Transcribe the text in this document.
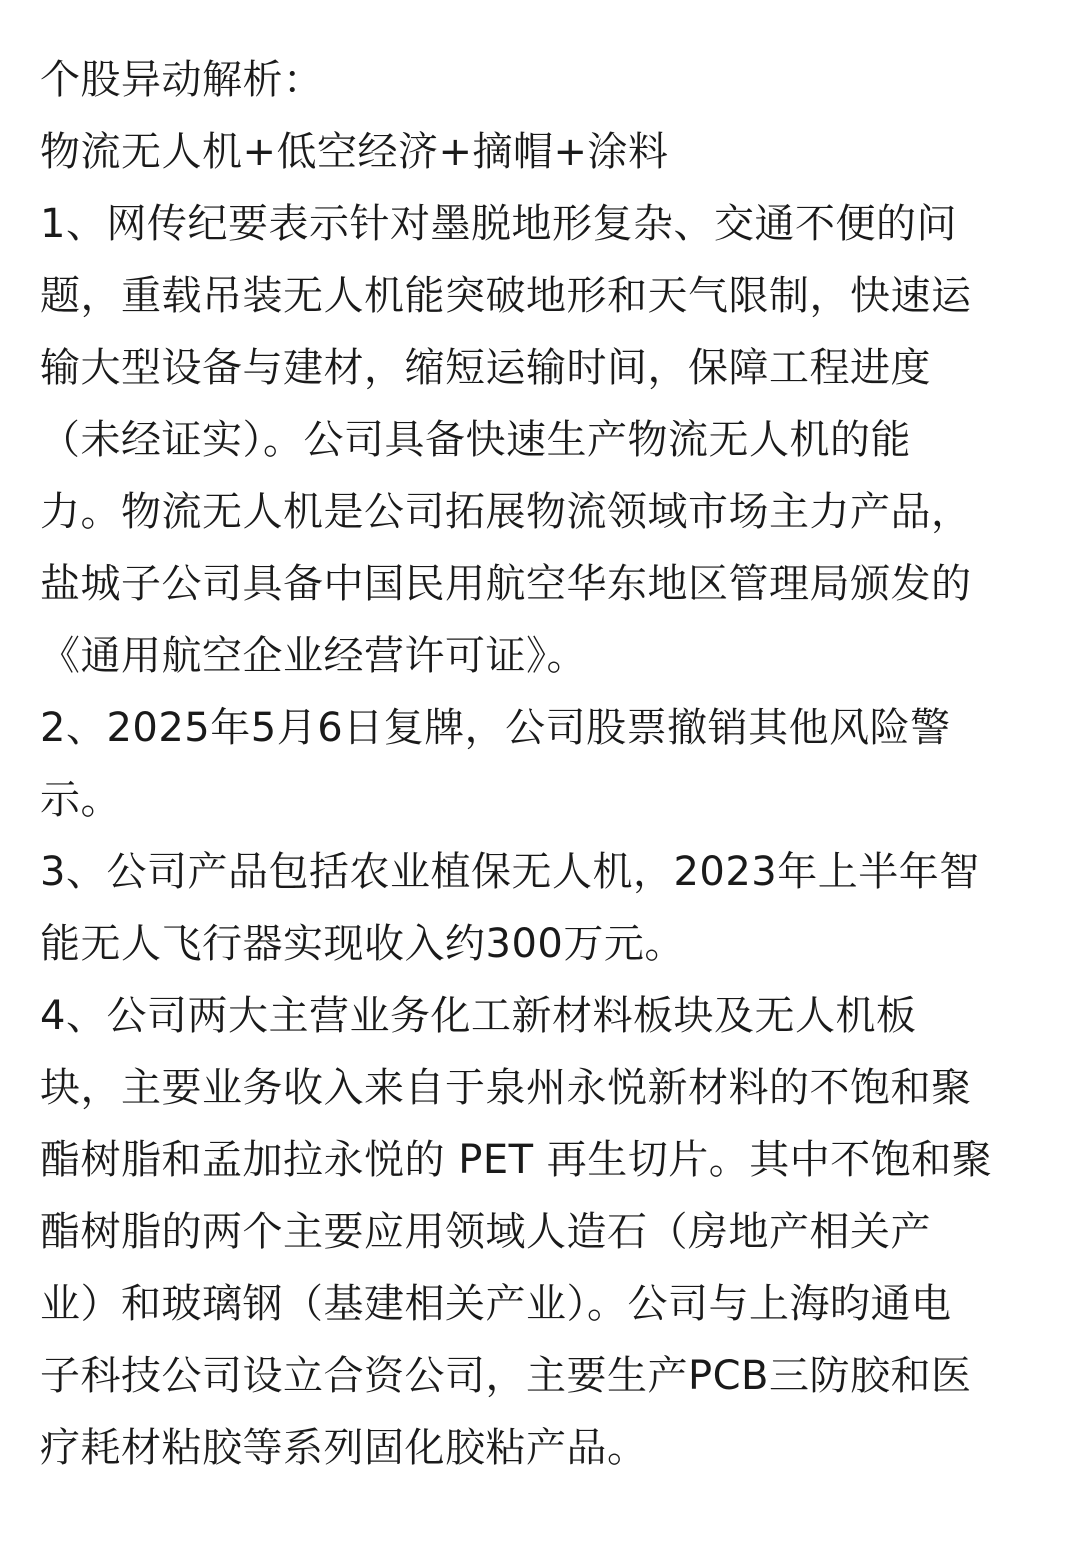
个股异动解析：

物流无人机+低空经济+摘帽+涂料

1、网传纪要表示针对墨脱地形复杂、交通不便的问

题，重载吊装无人机能突破地形和天气限制，快速运

输大型设备与建材，缩短运输时间，保障工程进度

（未经证实）。公司具备快速生产物流无人机的能

力。物流无人机是公司拓展物流领域市场主力产品，

盐城子公司具备中国民用航空华东地区管理局颁发的

《通用航空企业经营许可证》。

2、2025年5月6日复牌，公司股票撤销其他风险警

示。

3、公司产品包括农业植保无人机，2023年上半年智

能无人飞行器实现收入约300万元。

4、公司两大主营业务化工新材料板块及无人机板

块，主要业务收入来自于泉州永悦新材料的不饱和聚

酯树脂和孟加拉永悦的 PET 再生切片。其中不饱和聚

酯树脂的两个主要应用领域人造石（房地产相关产

业）和玻璃钢（基建相关产业）。公司与上海昀通电

子科技公司设立合资公司，主要生产PCB三防胶和医

疗耗材粘胶等系列固化胶粘产品。
